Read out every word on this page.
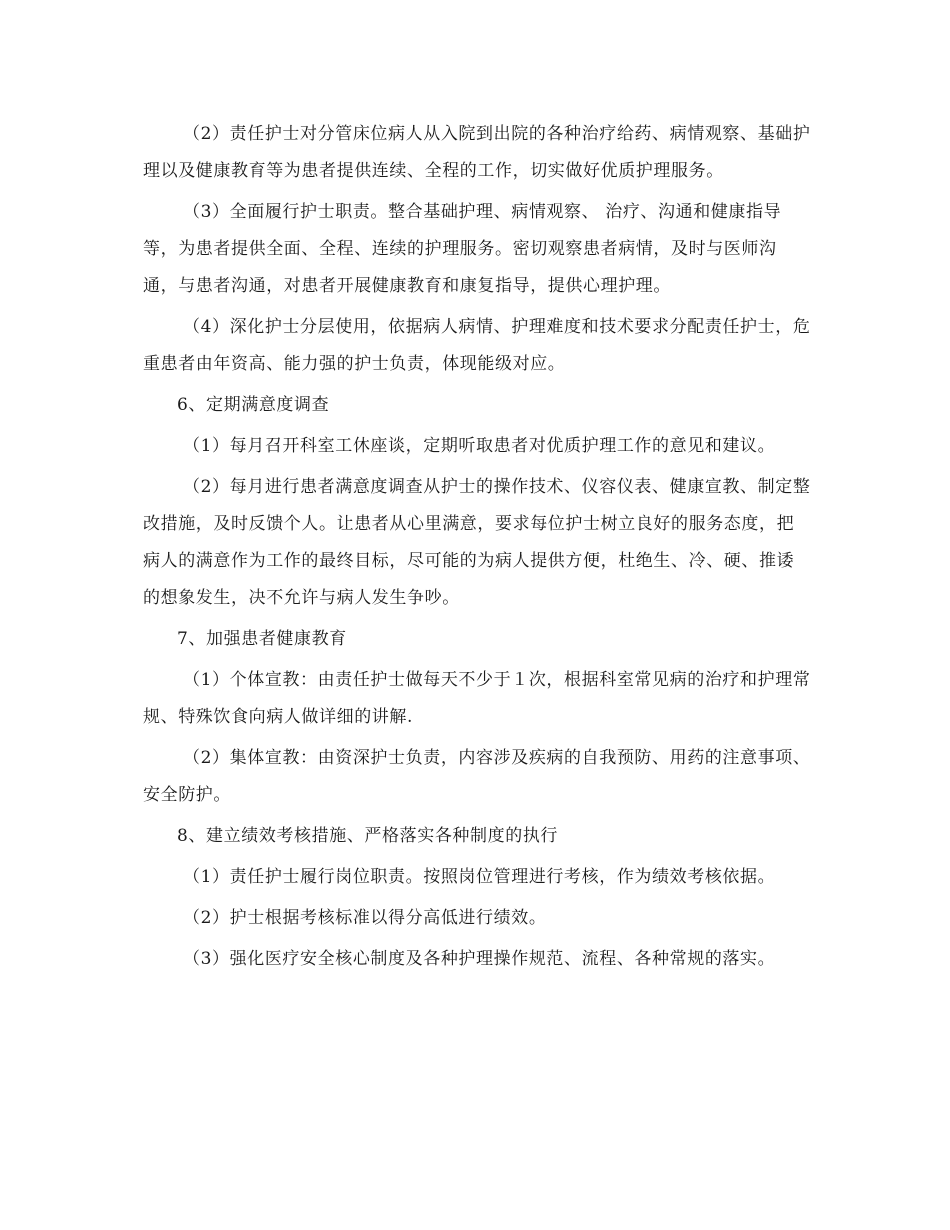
（2）责任护士对分管床位病人从入院到出院的各种治疗给药、病情观察、基础护理以及健康教育等为患者提供连续、全程的工作，切实做好优质护理服务。

（3）全面履行护士职责。整合基础护理、病情观察、 治疗、沟通和健康指导等，为患者提供全面、全程、连续的护理服务。密切观察患者病情，及时与医师沟通，与患者沟通，对患者开展健康教育和康复指导，提供心理护理。

（4）深化护士分层使用，依据病人病情、护理难度和技术要求分配责任护士，危重患者由年资高、能力强的护士负责，体现能级对应。

6、定期满意度调查

（1）每月召开科室工休座谈，定期听取患者对优质护理工作的意见和建议。

（2）每月进行患者满意度调查从护士的操作技术、仪容仪表、健康宣教、制定整改措施，及时反馈个人。让患者从心里满意，要求每位护士树立良好的服务态度，把病人的满意作为工作的最终目标，尽可能的为病人提供方便，杜绝生、冷、硬、推诿的想象发生，决不允许与病人发生争吵。

7、加强患者健康教育

（1）个体宣教：由责任护士做每天不少于１次，根据科室常见病的治疗和护理常规、特殊饮食向病人做详细的讲解.

（2）集体宣教：由资深护士负责，内容涉及疾病的自我预防、用药的注意事项、安全防护。

8、建立绩效考核措施、严格落实各种制度的执行

（1）责任护士履行岗位职责。按照岗位管理进行考核，作为绩效考核依据。

（2）护士根据考核标准以得分高低进行绩效。

（3）强化医疗安全核心制度及各种护理操作规范、流程、各种常规的落实。
